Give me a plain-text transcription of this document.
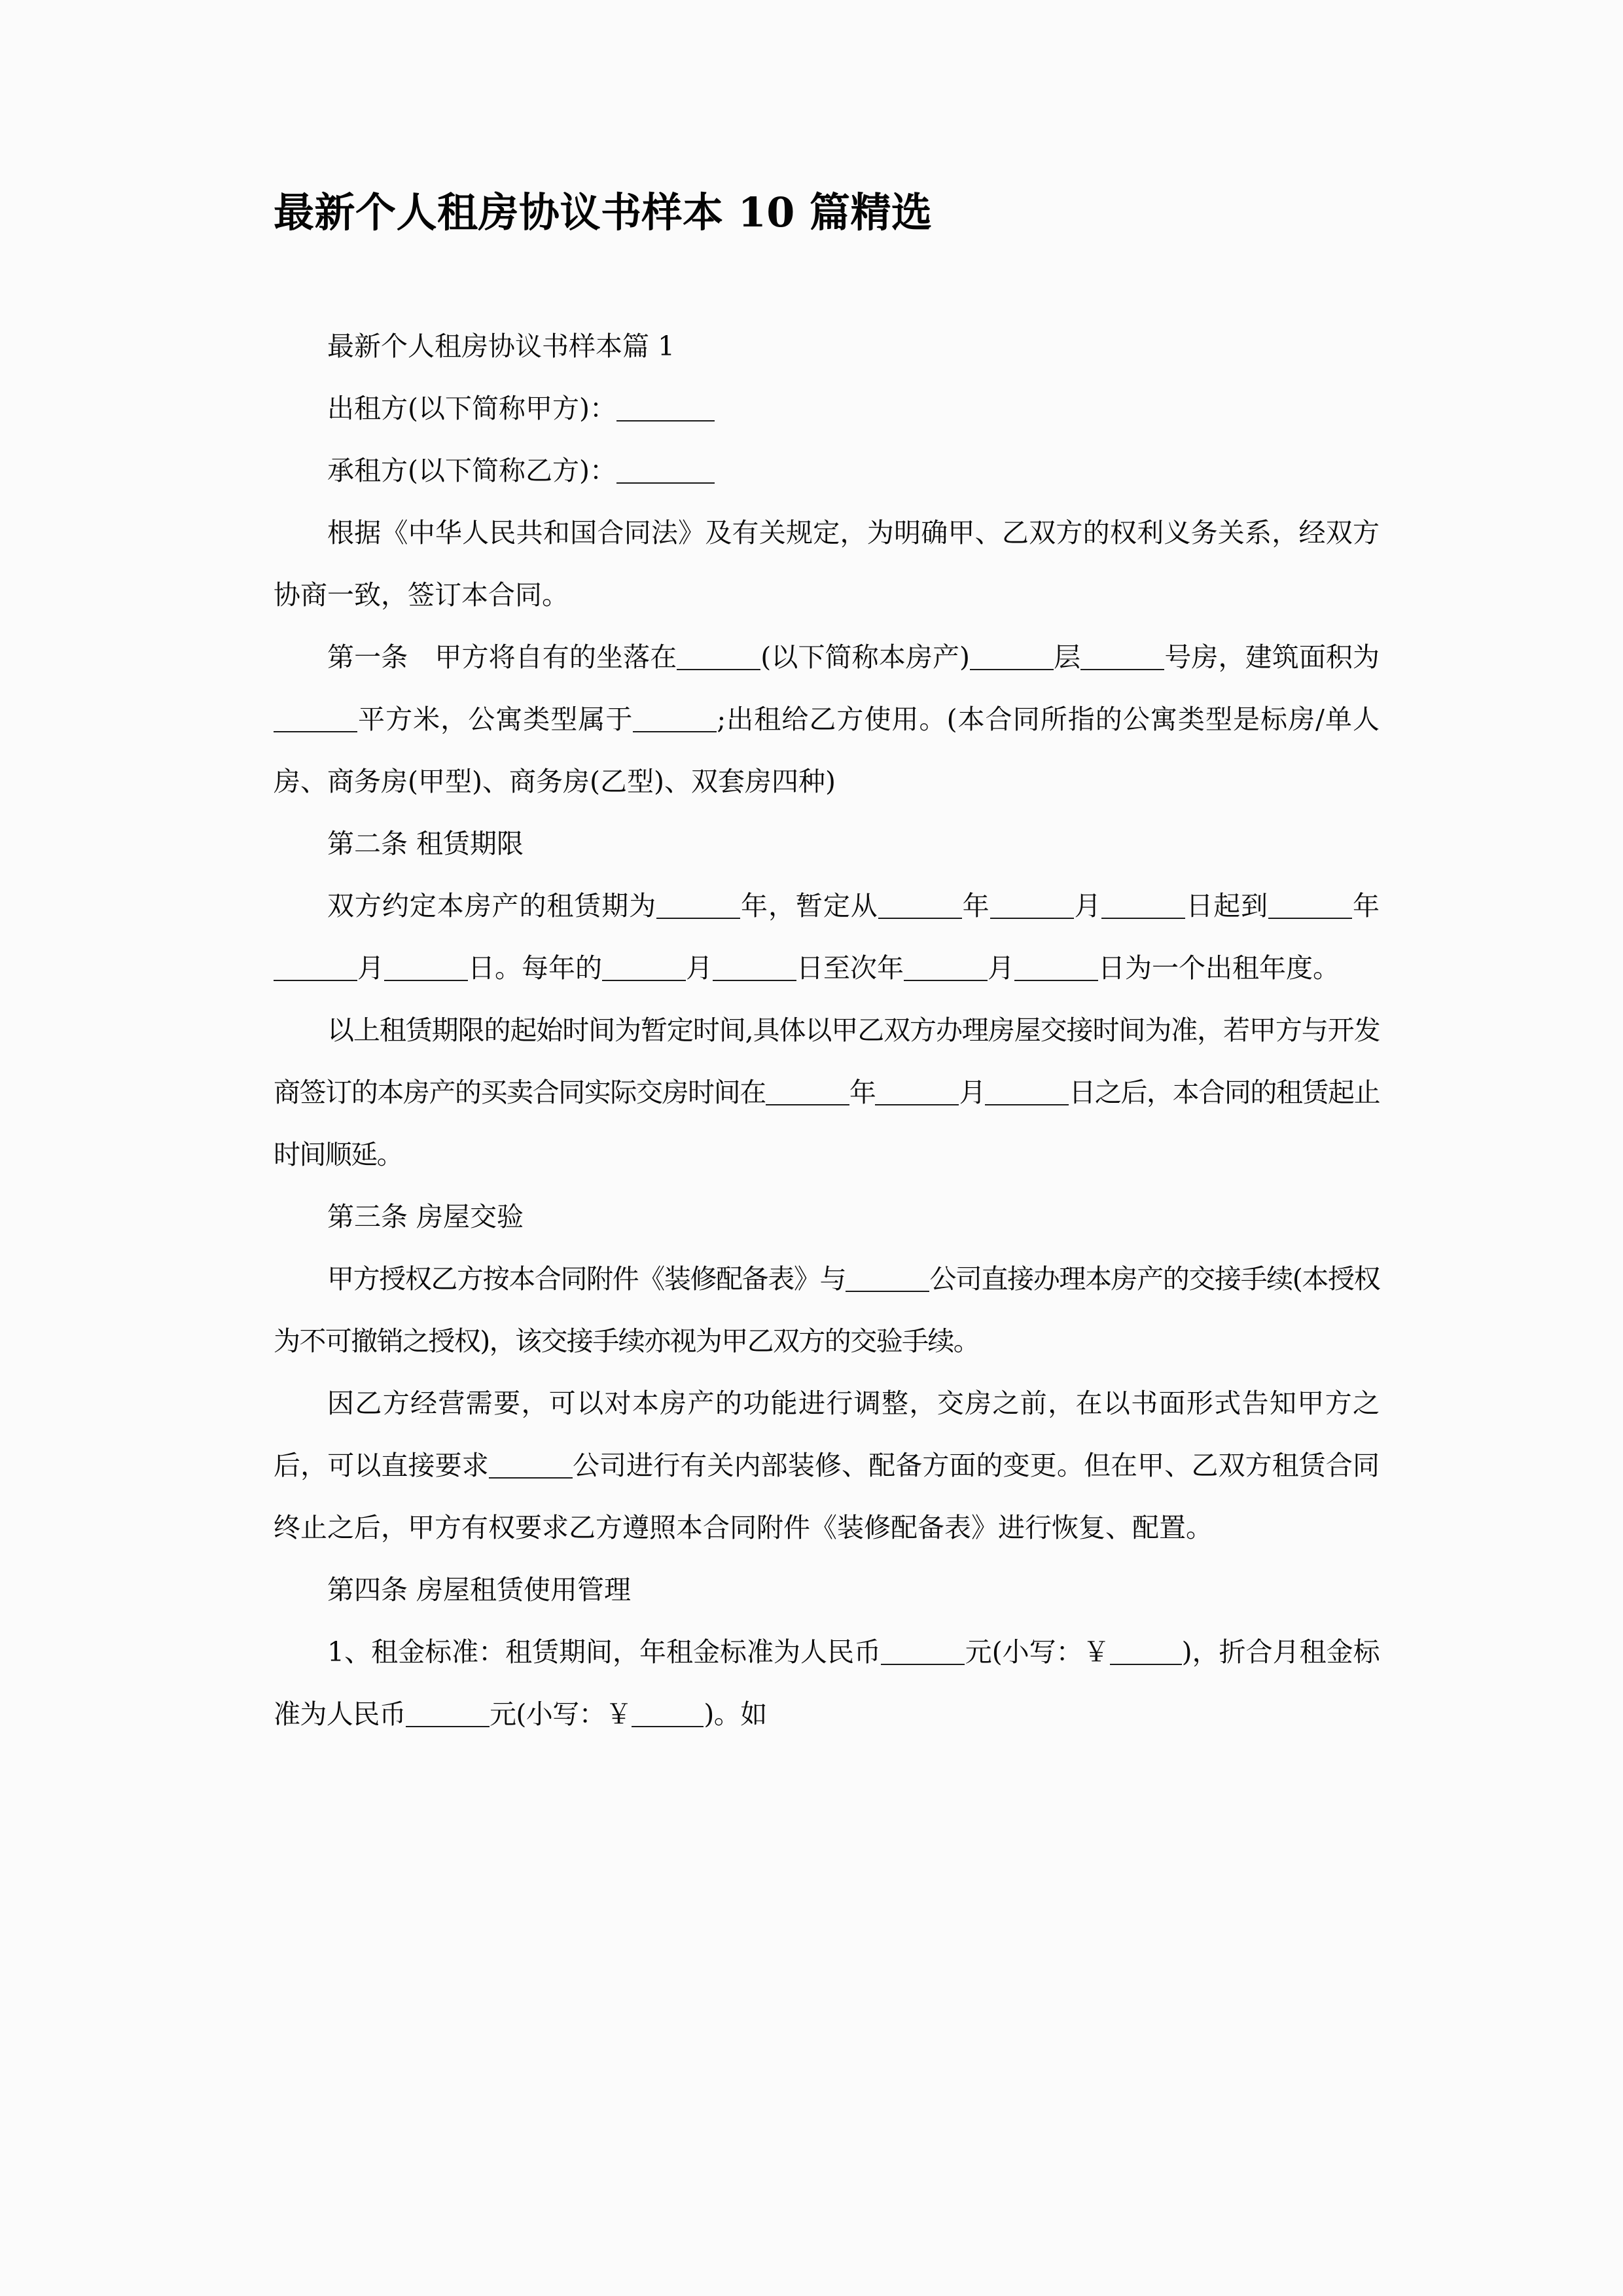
最新个人租房协议书样本 10 篇精选

最新个人租房协议书样本篇 1

出租方(以下简称甲方)：

承租方(以下简称乙方)：

根据《中华人民共和国合同法》及有关规定，为明确甲、乙双方的权利义务关系，经双方协商一致，签订本合同。

第一条　甲方将自有的坐落在	(以下简称本房产)	层	号房，建筑面积为平方米，公寓类型属于	;出租给乙方使用。(本合同所指的公寓类型是标房/单人房、商务房(甲型)、商务房(乙型)、双套房四种)

第二条 租赁期限

双方约定本房产的租赁期为	年，暂定从	年	月	日起到	年月	日。每年的	月	日至次年	月	日为一个出租年度。

以上租赁期限的起始时间为暂定时间,具体以甲乙双方办理房屋交接时间为准，若甲方与开发商签订的本房产的买卖合同实际交房时间在	年	月	日之后，本合同的租赁起止时间顺延。

第三条 房屋交验

甲方授权乙方按本合同附件《装修配备表》与	公司直接办理本房产的交接手续(本授权为不可撤销之授权)，该交接手续亦视为甲乙双方的交验手续。

因乙方经营需要，可以对本房产的功能进行调整，交房之前，在以书面形式告知甲方之后，可以直接要求	公司进行有关内部装修、配备方面的变更。但在甲、乙双方租赁合同终止之后，甲方有权要求乙方遵照本合同附件《装修配备表》进行恢复、配置。

第四条 房屋租赁使用管理

1、租金标准：租赁期间，年租金标准为人民币	元(小写：￥	)，折合月租金标准为人民币	元(小写：￥	)。如
